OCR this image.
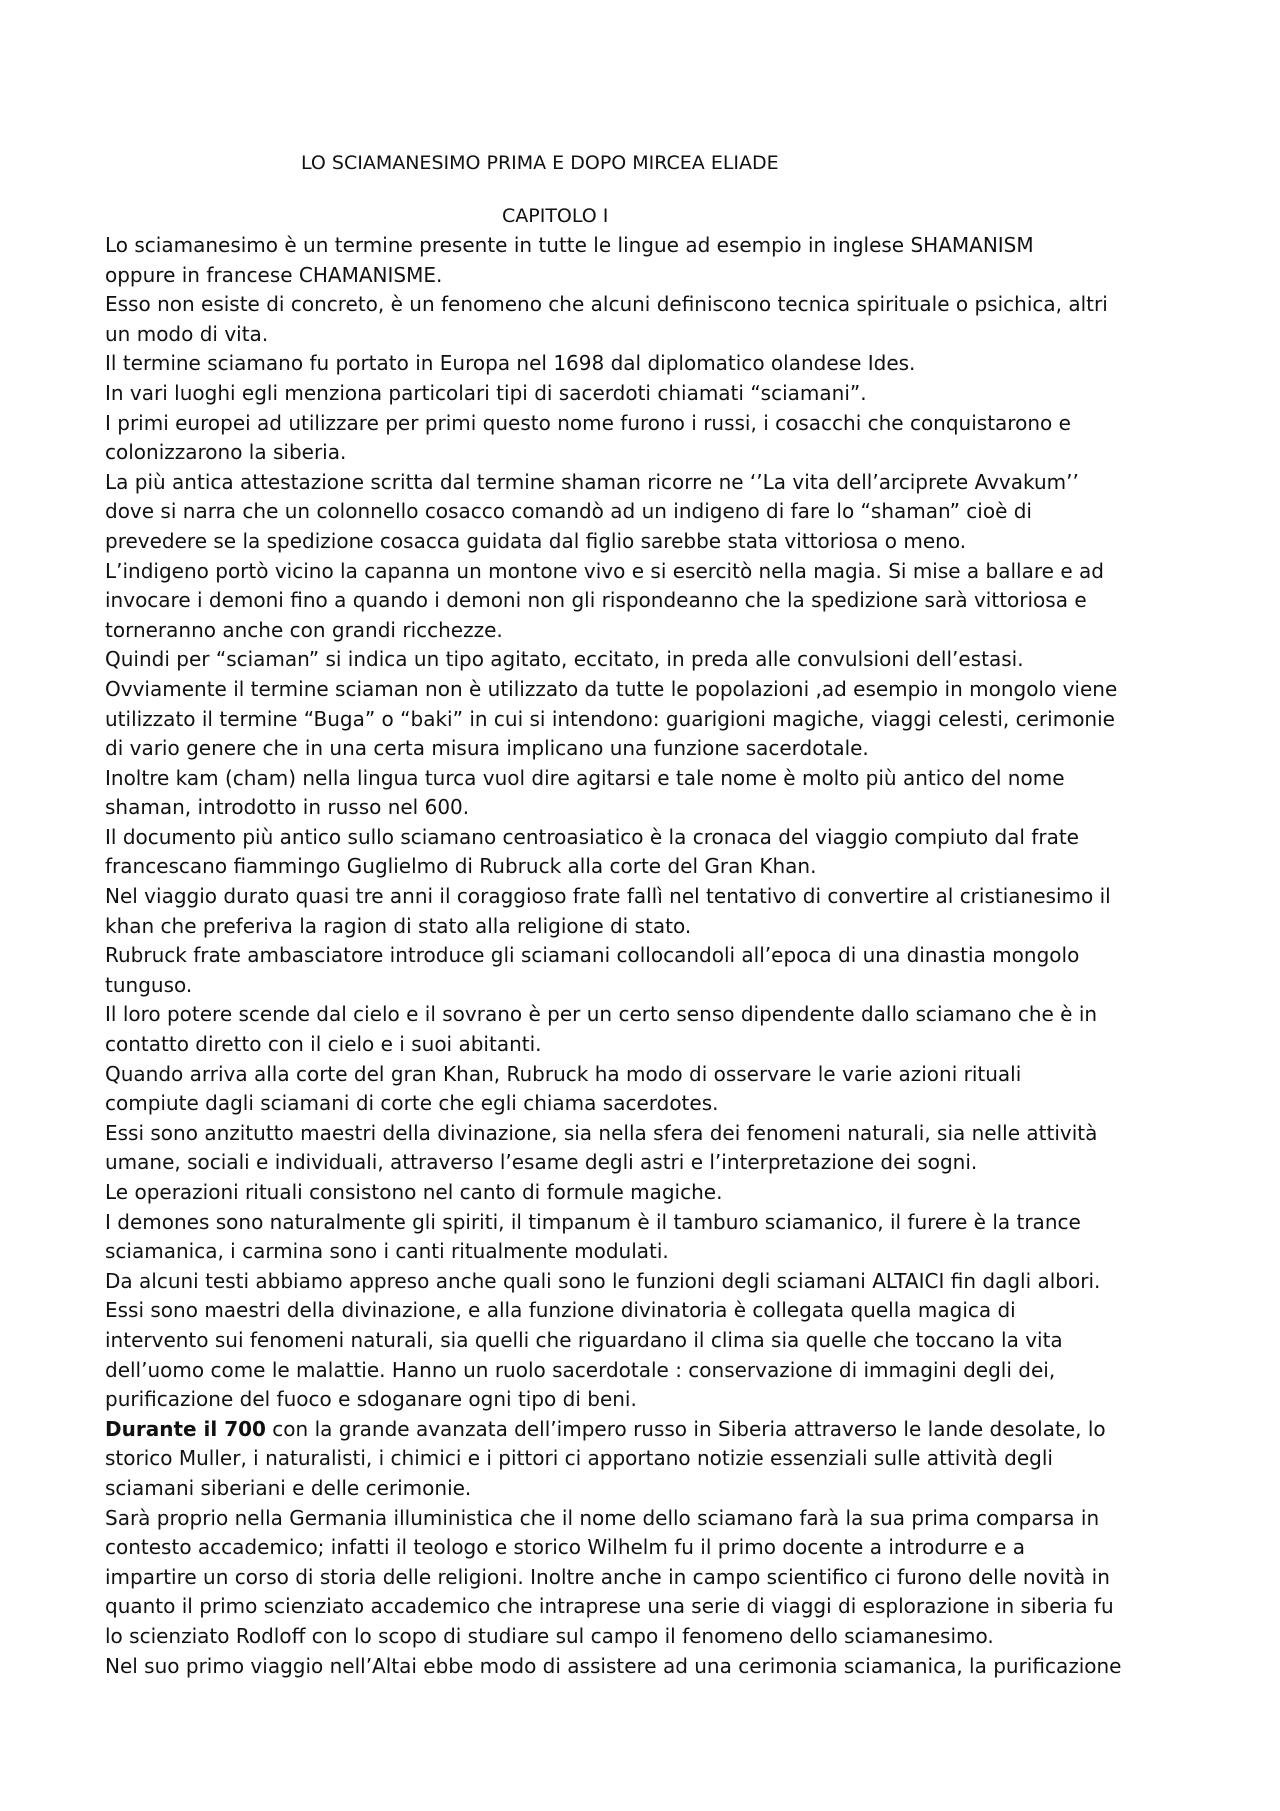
LO SCIAMANESIMO PRIMA E DOPO MIRCEA ELIADE
CAPITOLO I
Lo sciamanesimo è un termine presente in tutte le lingue ad esempio in inglese SHAMANISM
oppure in francese CHAMANISME.
Esso non esiste di concreto, è un fenomeno che alcuni definiscono tecnica spirituale o psichica, altri
un modo di vita.
Il termine sciamano fu portato in Europa nel 1698 dal diplomatico olandese Ides.
In vari luoghi egli menziona particolari tipi di sacerdoti chiamati “sciamani”.
I primi europei ad utilizzare per primi questo nome furono i russi, i cosacchi che conquistarono e
colonizzarono la siberia.
La più antica attestazione scritta dal termine shaman ricorre ne ‘’La vita dell’arciprete Avvakum’’
dove si narra che un colonnello cosacco comandò ad un indigeno di fare lo “shaman” cioè di
prevedere se la spedizione cosacca guidata dal figlio sarebbe stata vittoriosa o meno.
L’indigeno portò vicino la capanna un montone vivo e si esercitò nella magia. Si mise a ballare e ad
invocare i demoni fino a quando i demoni non gli rispondeanno che la spedizione sarà vittoriosa e
torneranno anche con grandi ricchezze.
Quindi per “sciaman” si indica un tipo agitato, eccitato, in preda alle convulsioni dell’estasi.
Ovviamente il termine sciaman non è utilizzato da tutte le popolazioni ,ad esempio in mongolo viene
utilizzato il termine “Buga” o “baki” in cui si intendono: guarigioni magiche, viaggi celesti, cerimonie
di vario genere che in una certa misura implicano una funzione sacerdotale.
Inoltre kam (cham) nella lingua turca vuol dire agitarsi e tale nome è molto più antico del nome
shaman, introdotto in russo nel 600.
Il documento più antico sullo sciamano centroasiatico è la cronaca del viaggio compiuto dal frate
francescano fiammingo Guglielmo di Rubruck alla corte del Gran Khan.
Nel viaggio durato quasi tre anni il coraggioso frate fallì nel tentativo di convertire al cristianesimo il
khan che preferiva la ragion di stato alla religione di stato.
Rubruck frate ambasciatore introduce gli sciamani collocandoli all’epoca di una dinastia mongolo
tunguso.
Il loro potere scende dal cielo e il sovrano è per un certo senso dipendente dallo sciamano che è in
contatto diretto con il cielo e i suoi abitanti.
Quando arriva alla corte del gran Khan, Rubruck ha modo di osservare le varie azioni rituali
compiute dagli sciamani di corte che egli chiama sacerdotes.
Essi sono anzitutto maestri della divinazione, sia nella sfera dei fenomeni naturali, sia nelle attività
umane, sociali e individuali, attraverso l’esame degli astri e l’interpretazione dei sogni.
Le operazioni rituali consistono nel canto di formule magiche.
I demones sono naturalmente gli spiriti, il timpanum è il tamburo sciamanico, il furere è la trance
sciamanica, i carmina sono i canti ritualmente modulati.
Da alcuni testi abbiamo appreso anche quali sono le funzioni degli sciamani ALTAICI fin dagli albori.
Essi sono maestri della divinazione, e alla funzione divinatoria è collegata quella magica di
intervento sui fenomeni naturali, sia quelli che riguardano il clima sia quelle che toccano la vita
dell’uomo come le malattie. Hanno un ruolo sacerdotale : conservazione di immagini degli dei,
purificazione del fuoco e sdoganare ogni tipo di beni.
Durante il 700 con la grande avanzata dell’impero russo in Siberia attraverso le lande desolate, lo
storico Muller, i naturalisti, i chimici e i pittori ci apportano notizie essenziali sulle attività degli
sciamani siberiani e delle cerimonie.
Sarà proprio nella Germania illuministica che il nome dello sciamano farà la sua prima comparsa in
contesto accademico; infatti il teologo e storico Wilhelm fu il primo docente a introdurre e a
impartire un corso di storia delle religioni. Inoltre anche in campo scientifico ci furono delle novità in
quanto il primo scienziato accademico che intraprese una serie di viaggi di esplorazione in siberia fu
lo scienziato Rodloff con lo scopo di studiare sul campo il fenomeno dello sciamanesimo.
Nel suo primo viaggio nell’Altai ebbe modo di assistere ad una cerimonia sciamanica, la purificazione
